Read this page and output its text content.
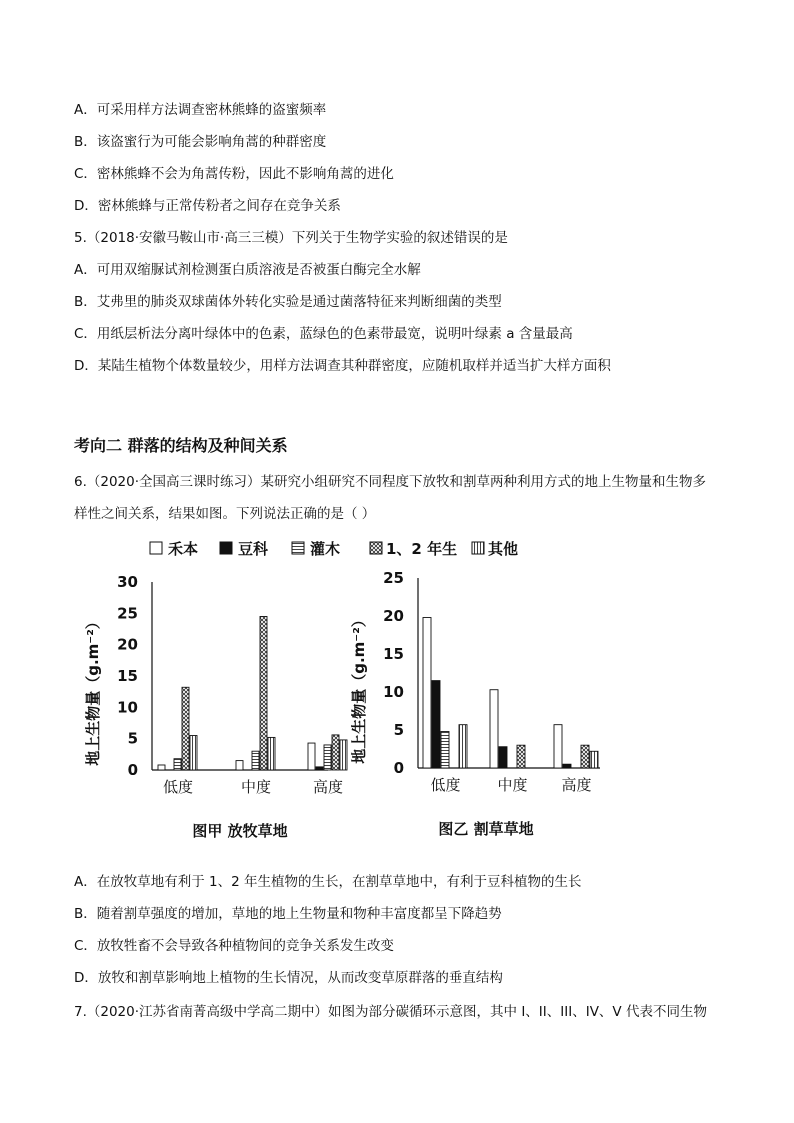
A．可采用样方法调查密林熊蜂的盗蜜频率
B．该盗蜜行为可能会影响角蒿的种群密度
C．密林熊蜂不会为角蒿传粉，因此不影响角蒿的进化
D．密林熊蜂与正常传粉者之间存在竞争关系
5.（2018·安徽马鞍山市·高三三模）下列关于生物学实验的叙述错误的是
A．可用双缩脲试剂检测蛋白质溶液是否被蛋白酶完全水解
B．艾弗里的肺炎双球菌体外转化实验是通过菌落特征来判断细菌的类型
C．用纸层析法分离叶绿体中的色素，蓝绿色的色素带最宽，说明叶绿素 a 含量最高
D．某陆生植物个体数量较少，用样方法调查其种群密度，应随机取样并适当扩大样方面积
考向二 群落的结构及种间关系
6.（2020·全国高三课时练习）某研究小组研究不同程度下放牧和割草两种利用方式的地上生物量和生物多
样性之间关系，结果如图。下列说法正确的是（ ）
禾本	豆科	灌木	1、2 年生 其他
地上生物量（g.m⁻²）
0
5
10
15
20
25
30
低度	中度	高度
图甲 放牧草地
地上生物量（g.m⁻²）
0
5
10
15
20
25
低度 中度 高度
图乙 割草草地
A．在放牧草地有利于 1、2 年生植物的生长，在割草草地中，有利于豆科植物的生长
B．随着割草强度的增加，草地的地上生物量和物种丰富度都呈下降趋势
C．放牧牲畜不会导致各种植物间的竞争关系发生改变
D．放牧和割草影响地上植物的生长情况，从而改变草原群落的垂直结构
7.（2020·江苏省南菁高级中学高二期中）如图为部分碳循环示意图，其中 I、II、III、IV、V 代表不同生物
